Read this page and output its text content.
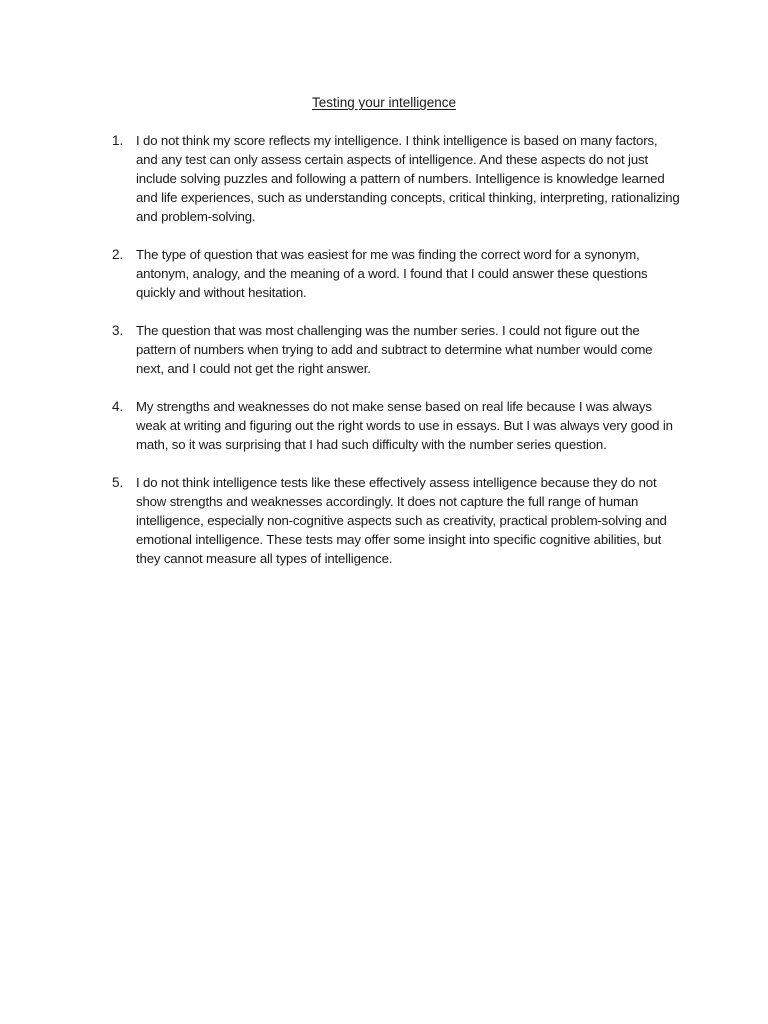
Testing your intelligence
1. I do not think my score reflects my intelligence. I think intelligence is based on many factors, and any test can only assess certain aspects of intelligence. And these aspects do not just include solving puzzles and following a pattern of numbers. Intelligence is knowledge learned and life experiences, such as understanding concepts, critical thinking, interpreting, rationalizing and problem-solving.
2. The type of question that was easiest for me was finding the correct word for a synonym, antonym, analogy, and the meaning of a word. I found that I could answer these questions quickly and without hesitation.
3. The question that was most challenging was the number series. I could not figure out the pattern of numbers when trying to add and subtract to determine what number would come next, and I could not get the right answer.
4. My strengths and weaknesses do not make sense based on real life because I was always weak at writing and figuring out the right words to use in essays. But I was always very good in math, so it was surprising that I had such difficulty with the number series question.
5. I do not think intelligence tests like these effectively assess intelligence because they do not show strengths and weaknesses accordingly. It does not capture the full range of human intelligence, especially non-cognitive aspects such as creativity, practical problem-solving and emotional intelligence. These tests may offer some insight into specific cognitive abilities, but they cannot measure all types of intelligence.
